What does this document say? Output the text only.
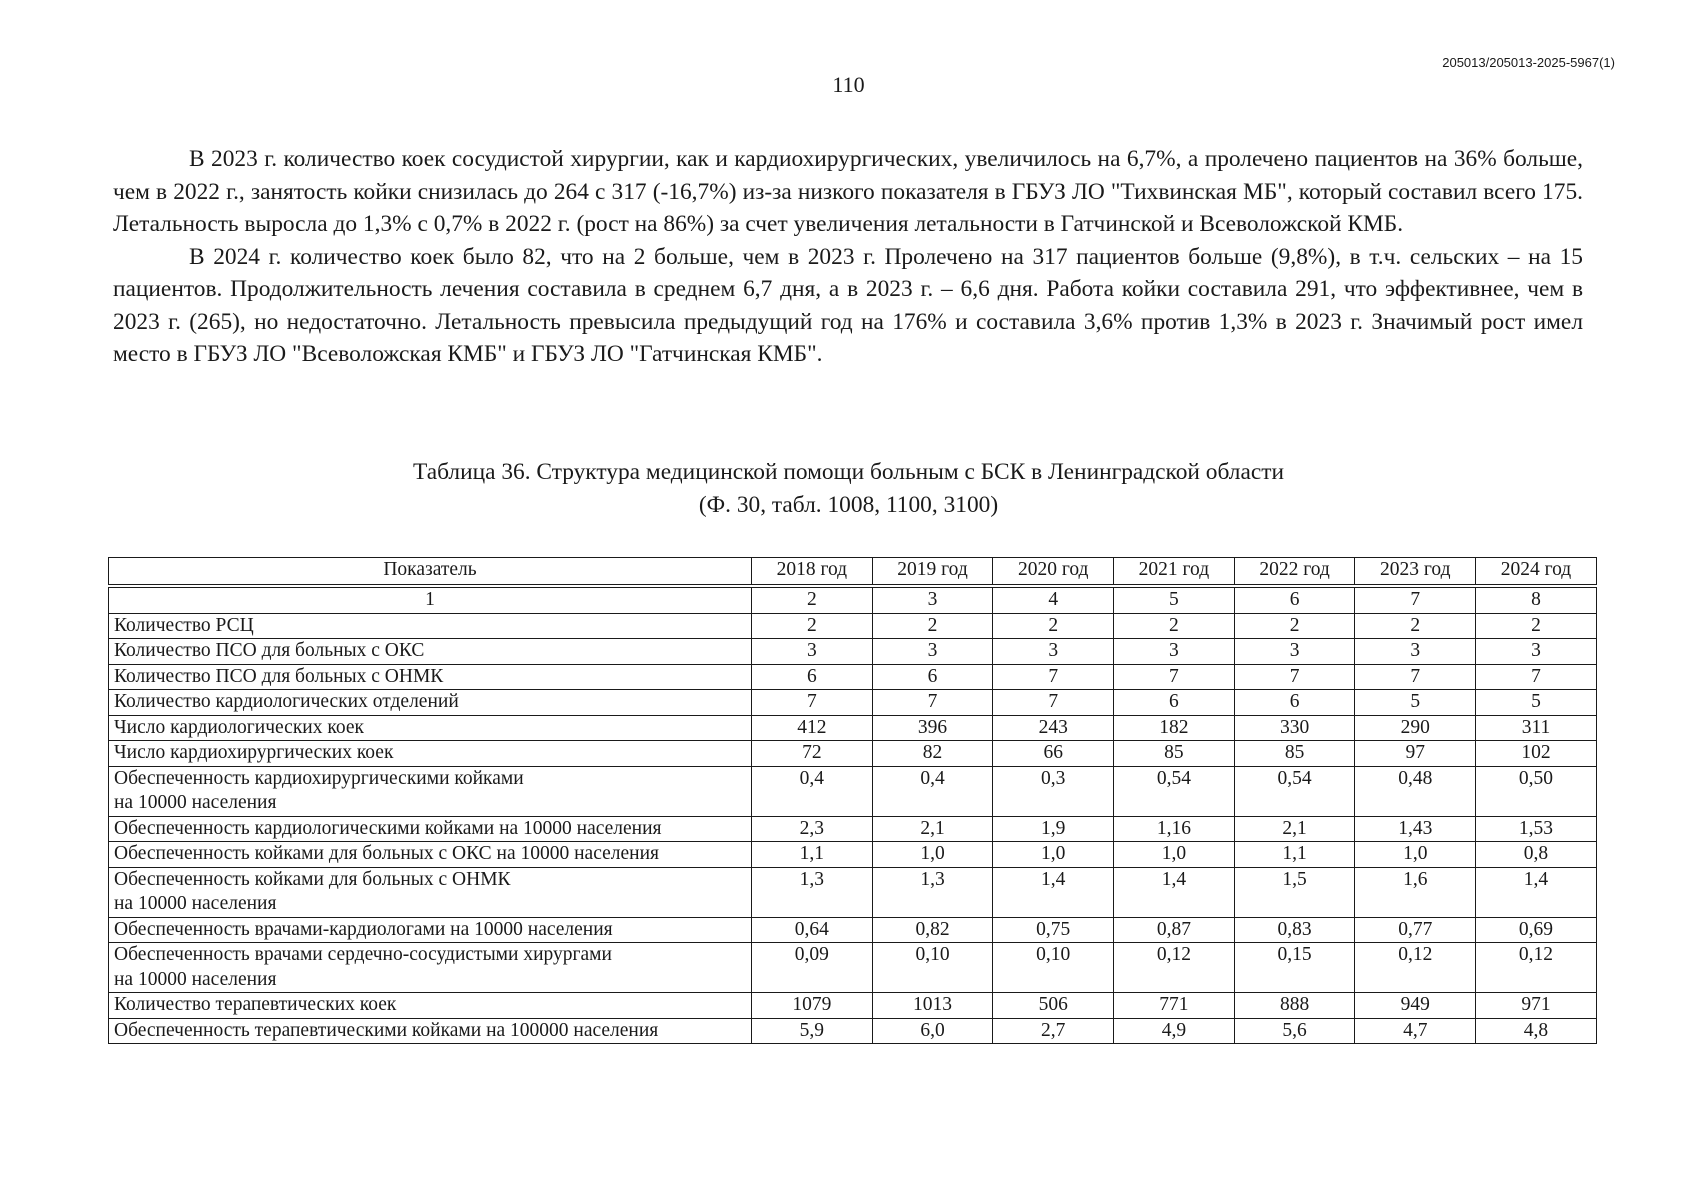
205013/205013-2025-5967(1)
110

В 2023 г. количество коек сосудистой хирургии, как и кардиохирургических, увеличилось на 6,7%, а пролечено пациентов на 36% больше, чем в 2022 г., занятость койки снизилась до 264 с 317 (-16,7%) из-за низкого показателя в ГБУЗ ЛО "Тихвинская МБ", который составил всего 175. Летальность выросла до 1,3% с 0,7% в 2022 г. (рост на 86%) за счет увеличения летальности в Гатчинской и Всеволожской КМБ.

В 2024 г. количество коек было 82, что на 2 больше, чем в 2023 г. Пролечено на 317 пациентов больше (9,8%), в т.ч. сельских – на 15 пациентов. Продолжительность лечения составила в среднем 6,7 дня, а в 2023 г. – 6,6 дня. Работа койки составила 291, что эффективнее, чем в 2023 г. (265), но недостаточно. Летальность превысила предыдущий год на 176% и составила 3,6% против 1,3% в 2023 г. Значимый рост имел место в ГБУЗ ЛО "Всеволожская КМБ" и ГБУЗ ЛО "Гатчинская КМБ".

Таблица 36. Структура медицинской помощи больным с БСК в Ленинградской области
(Ф. 30, табл. 1008, 1100, 3100)
Показатель	2018 год	2019 год	2020 год	2021 год	2022 год	2023 год	2024 год
1	2	3	4	5	6	7	8
Количество РСЦ	2	2	2	2	2	2	2
Количество ПСО для больных с ОКС	3	3	3	3	3	3	3
Количество ПСО для больных с ОНМК	6	6	7	7	7	7	7
Количество кардиологических отделений	7	7	7	6	6	5	5
Число кардиологических коек	412	396	243	182	330	290	311
Число кардиохирургических коек	72	82	66	85	85	97	102
Обеспеченность кардиохирургическими койками
на 10000 населения	0,4	0,4	0,3	0,54	0,54	0,48	0,50
Обеспеченность кардиологическими койками на 10000 населения	2,3	2,1	1,9	1,16	2,1	1,43	1,53
Обеспеченность койками для больных с ОКС на 10000 населения	1,1	1,0	1,0	1,0	1,1	1,0	0,8
Обеспеченность койками для больных с ОНМК
на 10000 населения	1,3	1,3	1,4	1,4	1,5	1,6	1,4
Обеспеченность врачами-кардиологами на 10000 населения	0,64	0,82	0,75	0,87	0,83	0,77	0,69
Обеспеченность врачами сердечно-сосудистыми хирургами
на 10000 населения	0,09	0,10	0,10	0,12	0,15	0,12	0,12
Количество терапевтических коек	1079	1013	506	771	888	949	971
Обеспеченность терапевтическими койками на 100000 населения	5,9	6,0	2,7	4,9	5,6	4,7	4,8
